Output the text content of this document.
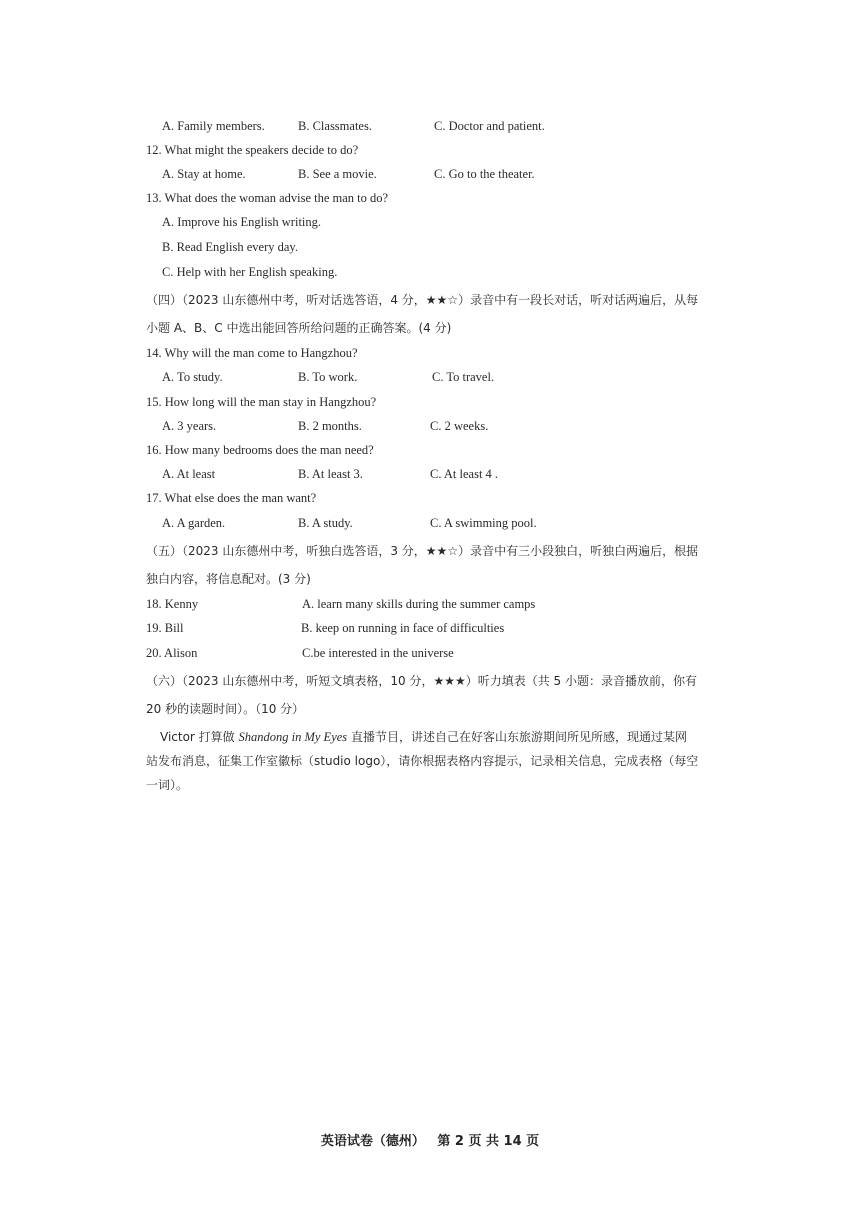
A. Family members.	B. Classmates.	C. Doctor and patient.
12. What might the speakers decide to do?
A. Stay at home.	B. See a movie.	C. Go to the theater.
13. What does the woman advise the man to do?
A. Improve his English writing.
B. Read English every day.
C. Help with her English speaking.
（四）（2023 山东德州中考，听对话选答语，4 分，★★☆）录音中有一段长对话，听对话两遍后，从每
小题 A、B、C 中选出能回答所给问题的正确答案。(4 分)
14. Why will the man come to Hangzhou?
A. To study.	B. To work.	C. To travel.
15. How long will the man stay in Hangzhou?
A. 3 years.	B. 2 months.	C. 2 weeks.
16. How many bedrooms does the man need?
A. At least	B. At least 3.	C. At least 4 .
17. What else does the man want?
A. A garden.	B. A study.	C. A swimming pool.
（五）（2023 山东德州中考，听独白选答语，3 分，★★☆）录音中有三小段独白，听独白两遍后，根据
独白内容，将信息配对。(3 分)
18. Kenny	A. learn many skills during the summer camps
19. Bill	B. keep on running in face of difficulties
20. Alison	C.be interested in the universe
（六）（2023 山东德州中考，听短文填表格，10 分，★★★）听力填表（共 5 小题：录音播放前，你有
20 秒的读题时间）。（10 分）
Victor 打算做 Shandong in My Eyes 直播节目，讲述自己在好客山东旅游期间所见所感，现通过某网
站发布消息，征集工作室徽标（studio logo），请你根据表格内容提示，记录相关信息，完成表格（每空
一词）。
英语试卷（德州） 第 2 页 共 14 页
